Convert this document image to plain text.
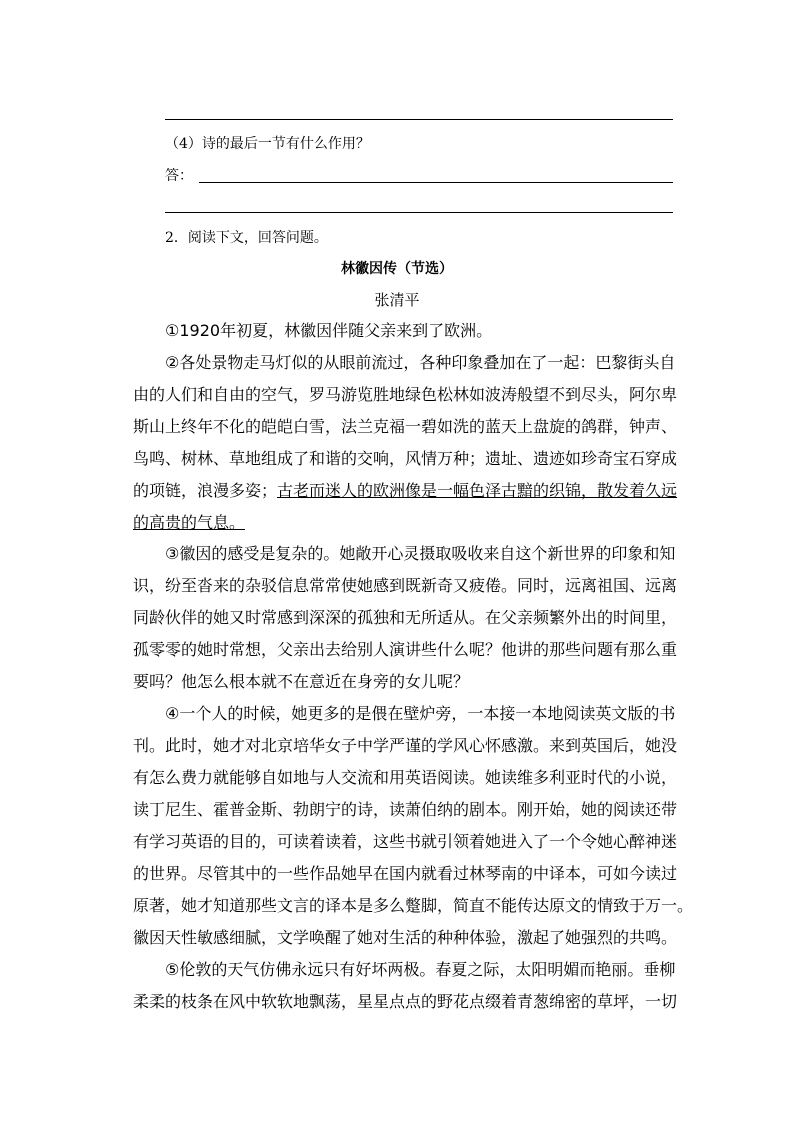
（4）诗的最后一节有什么作用？
答：
2．阅读下文，回答问题。
林徽因传（节选）
张清平
①1920年初夏，林徽因伴随父亲来到了欧洲。
②各处景物走马灯似的从眼前流过，各种印象叠加在了一起：巴黎街头自
由的人们和自由的空气，罗马游览胜地绿色松林如波涛般望不到尽头，阿尔卑
斯山上终年不化的皑皑白雪，法兰克福一碧如洗的蓝天上盘旋的鸽群，钟声、
鸟鸣、树林、草地组成了和谐的交响，风情万种；遗址、遗迹如珍奇宝石穿成
的项链，浪漫多姿；古老而迷人的欧洲像是一幅色泽古黯的织锦，散发着久远
的高贵的气息。
③徽因的感受是复杂的。她敞开心灵摄取吸收来自这个新世界的印象和知
识，纷至沓来的杂驳信息常常使她感到既新奇又疲倦。同时，远离祖国、远离
同龄伙伴的她又时常感到深深的孤独和无所适从。在父亲频繁外出的时间里，
孤零零的她时常想，父亲出去给别人演讲些什么呢？他讲的那些问题有那么重
要吗？他怎么根本就不在意近在身旁的女儿呢？
④一个人的时候，她更多的是偎在壁炉旁，一本接一本地阅读英文版的书
刊。此时，她才对北京培华女子中学严谨的学风心怀感激。来到英国后，她没
有怎么费力就能够自如地与人交流和用英语阅读。她读维多利亚时代的小说，
读丁尼生、霍普金斯、勃朗宁的诗，读萧伯纳的剧本。刚开始，她的阅读还带
有学习英语的目的，可读着读着，这些书就引领着她进入了一个令她心醉神迷
的世界。尽管其中的一些作品她早在国内就看过林琴南的中译本，可如今读过
原著，她才知道那些文言的译本是多么蹩脚，简直不能传达原文的情致于万一。
徽因天性敏感细腻，文学唤醒了她对生活的种种体验，激起了她强烈的共鸣。
⑤伦敦的天气仿佛永远只有好坏两极。春夏之际，太阳明媚而艳丽。垂柳
柔柔的枝条在风中软软地飘荡，星星点点的野花点缀着青葱绵密的草坪，一切
